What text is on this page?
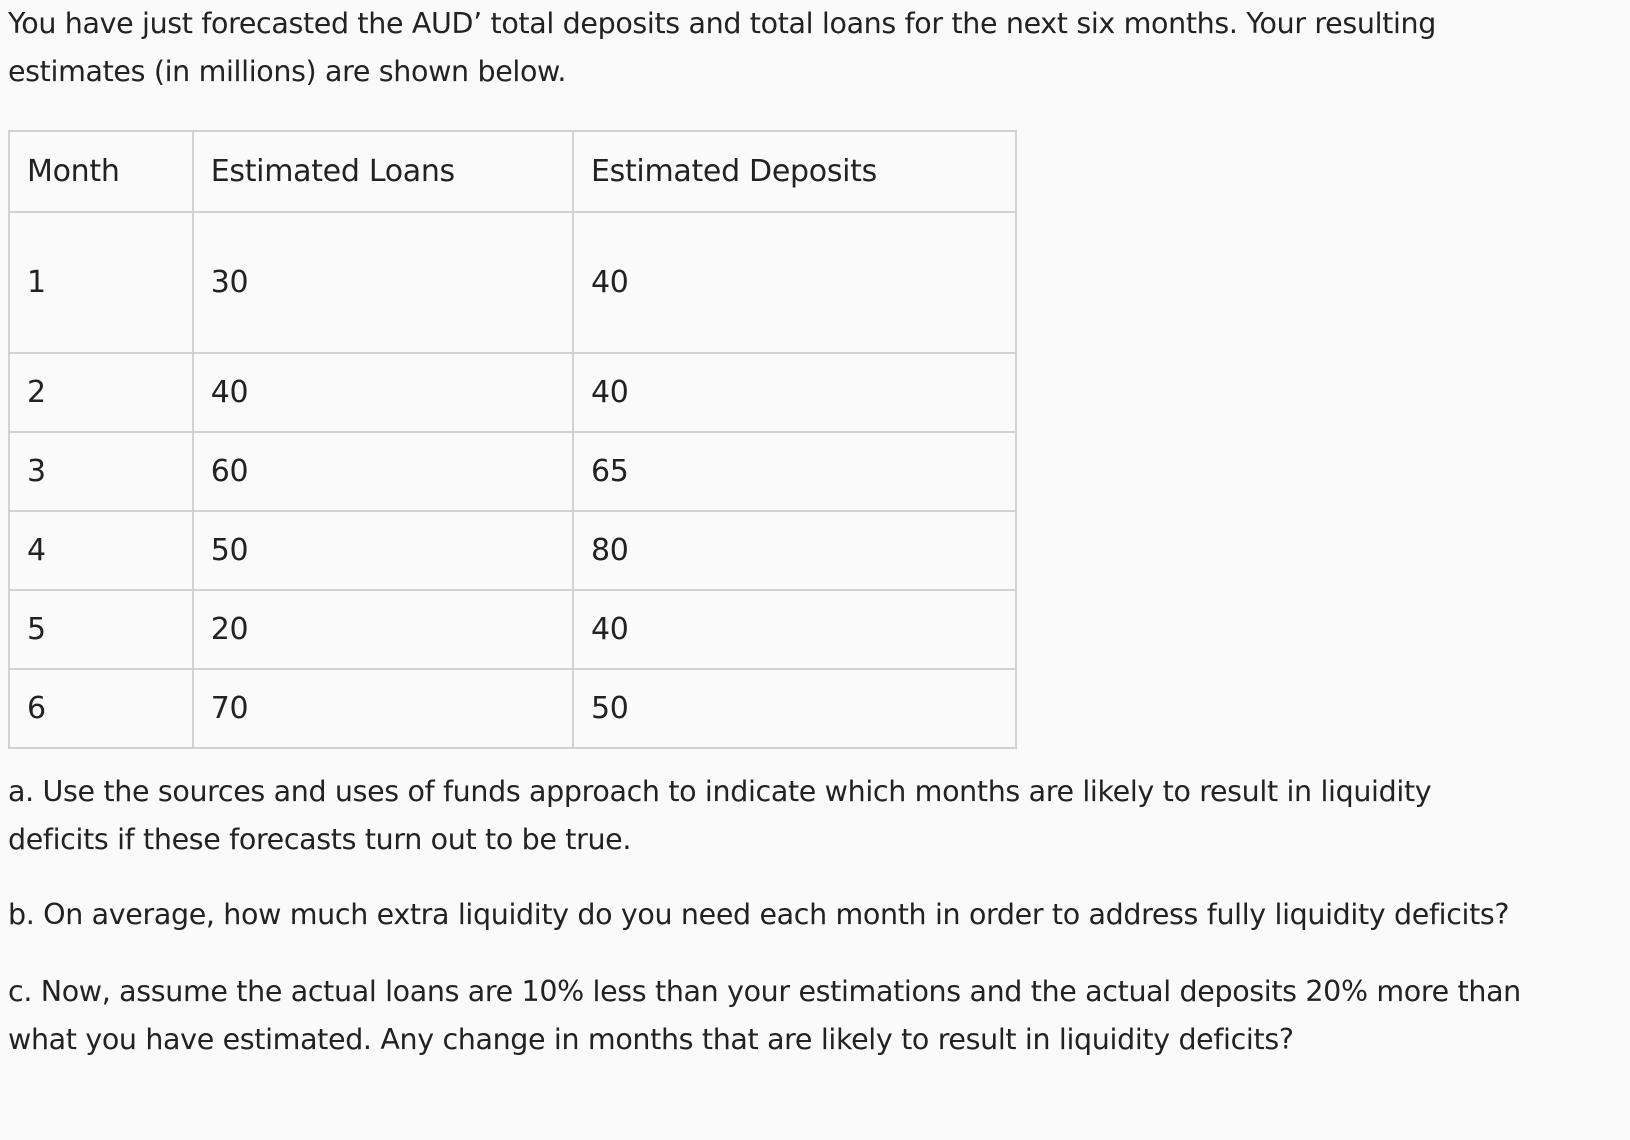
You have just forecasted the AUD’ total deposits and total loans for the next six months. Your resulting estimates (in millions) are shown below.

Month	Estimated Loans	Estimated Deposits
1	30	40
2	40	40
3	60	65
4	50	80
5	20	40
6	70	50

a. Use the sources and uses of funds approach to indicate which months are likely to result in liquidity deficits if these forecasts turn out to be true.

b. On average, how much extra liquidity do you need each month in order to address fully liquidity deficits?

c. Now, assume the actual loans are 10% less than your estimations and the actual deposits 20% more than what you have estimated. Any change in months that are likely to result in liquidity deficits?
